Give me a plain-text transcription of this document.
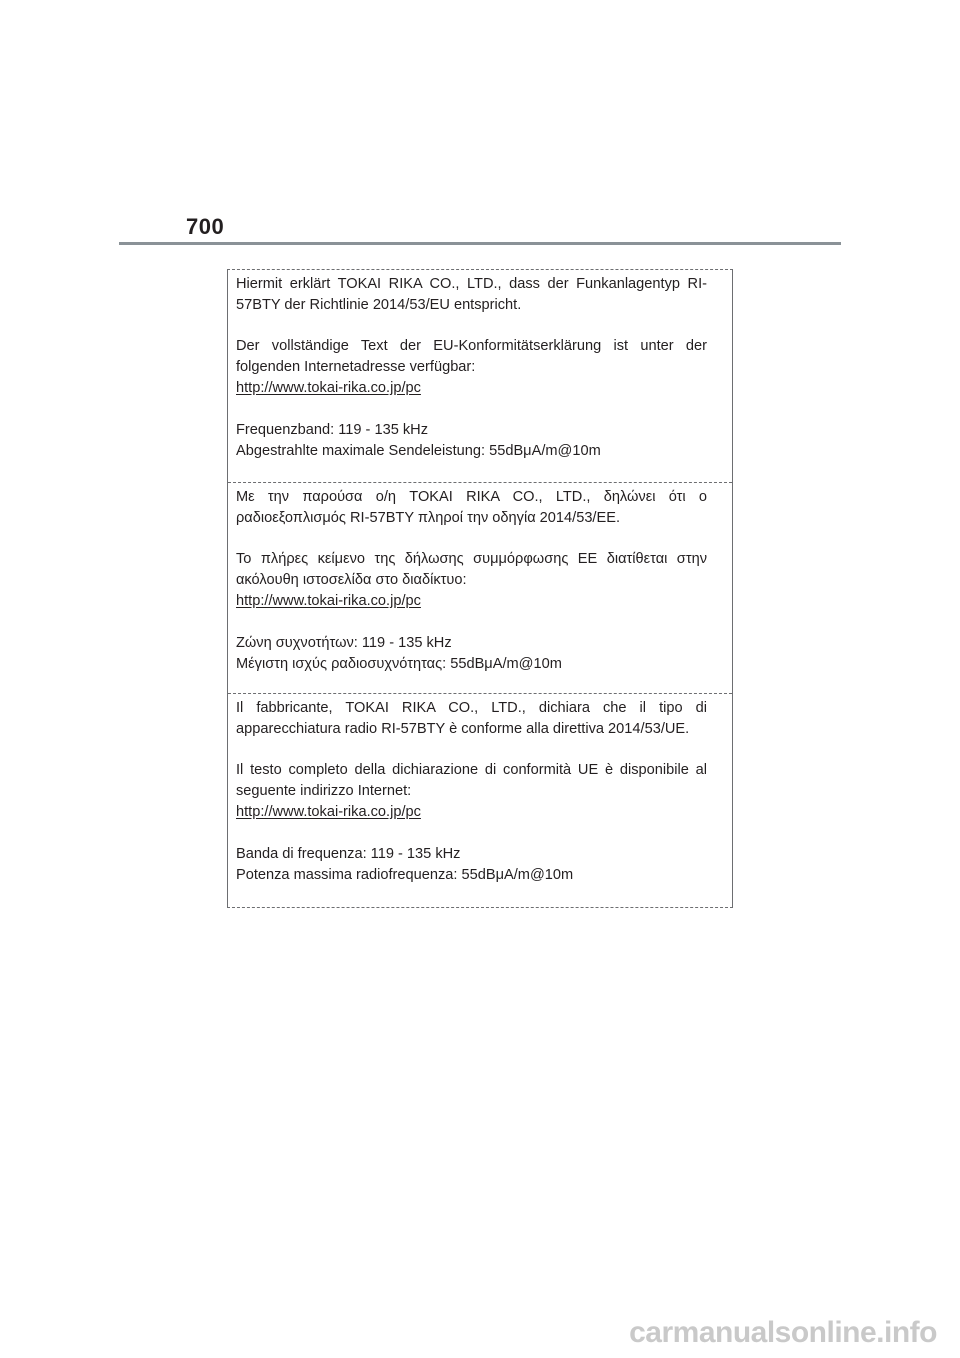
700

Hiermit erklärt TOKAI RIKA CO., LTD., dass der Funkanlagentyp RI-57BTY der Richtlinie 2014/53/EU entspricht.

Der vollständige Text der EU-Konformitätserklärung ist unter der folgenden Internetadresse verfügbar:

http://www.tokai-rika.co.jp/pc
Frequenzband: 119 - 135 kHz
Abgestrahlte maximale Sendeleistung: 55dBμA/m@10m

Με την παρούσα ο/η TOKAI RIKA CO., LTD., δηλώνει ότι ο ραδιοεξοπλισμός RI-57BTY πληροί την οδηγία 2014/53/ΕΕ.

Το πλήρες κείμενο της δήλωσης συμμόρφωσης ΕΕ διατίθεται στην ακόλουθη ιστοσελίδα στο διαδίκτυο:

http://www.tokai-rika.co.jp/pc
Ζώνη συχνοτήτων: 119 - 135 kHz
Μέγιστη ισχύς ραδιοσυχνότητας: 55dBμA/m@10m

Il fabbricante, TOKAI RIKA CO., LTD., dichiara che il tipo di apparecchiatura radio RI-57BTY è conforme alla direttiva 2014/53/UE.

Il testo completo della dichiarazione di conformità UE è disponibile al seguente indirizzo Internet:

http://www.tokai-rika.co.jp/pc
Banda di frequenza: 119 - 135 kHz
Potenza massima radiofrequenza: 55dBμA/m@10m
carmanualsonline.info
